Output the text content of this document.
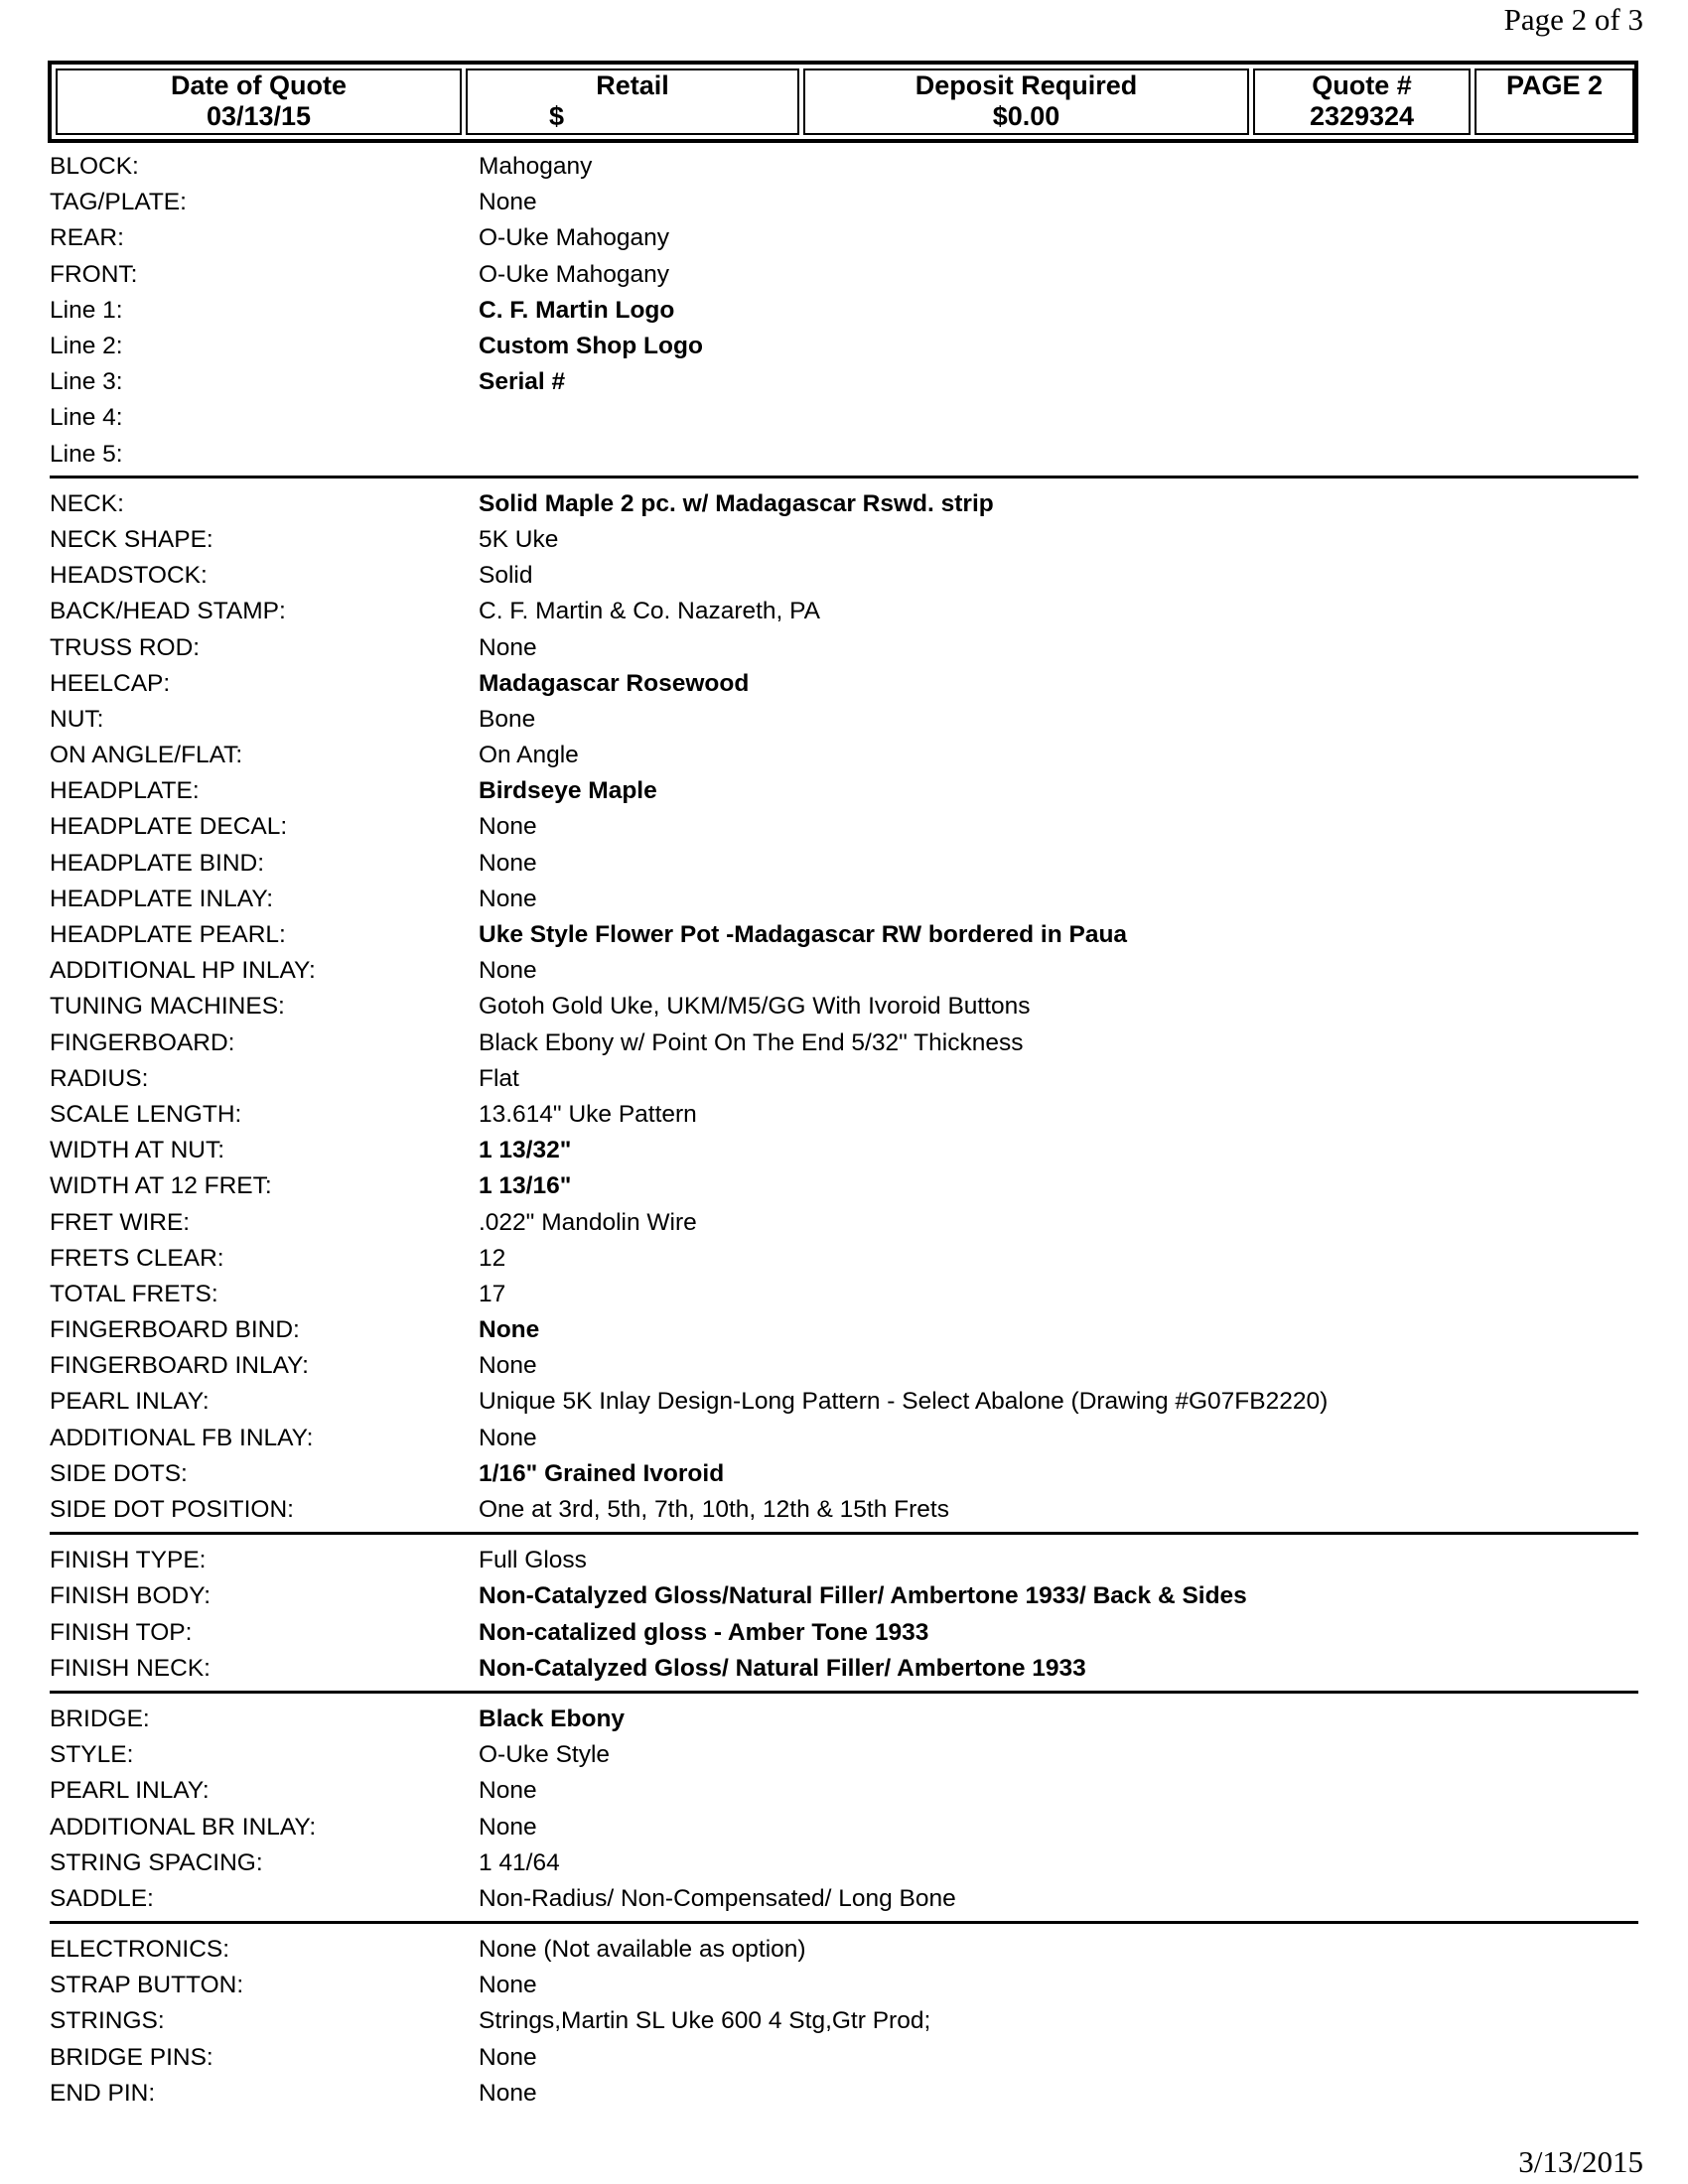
Page 2 of 3
Date of Quote
03/13/15
Retail
$
Deposit Required
$0.00
Quote #
2329324
PAGE 2
BLOCK:	Mahogany
TAG/PLATE:	None
REAR:	O-Uke Mahogany
FRONT:	O-Uke Mahogany
Line 1:	C. F. Martin Logo
Line 2:	Custom Shop Logo
Line 3:	Serial #
Line 4:
Line 5:
NECK:	Solid Maple 2 pc. w/ Madagascar Rswd. strip
NECK SHAPE:	5K Uke
HEADSTOCK:	Solid
BACK/HEAD STAMP:	C. F. Martin & Co. Nazareth, PA
TRUSS ROD:	None
HEELCAP:	Madagascar Rosewood
NUT:	Bone
ON ANGLE/FLAT:	On Angle
HEADPLATE:	Birdseye Maple
HEADPLATE DECAL:	None
HEADPLATE BIND:	None
HEADPLATE INLAY:	None
HEADPLATE PEARL:	Uke Style Flower Pot -Madagascar RW bordered in Paua
ADDITIONAL HP INLAY:	None
TUNING MACHINES:	Gotoh Gold Uke, UKM/M5/GG With Ivoroid Buttons
FINGERBOARD:	Black Ebony w/ Point On The End 5/32" Thickness
RADIUS:	Flat
SCALE LENGTH:	13.614" Uke Pattern
WIDTH AT NUT:	1 13/32"
WIDTH AT 12 FRET:	1 13/16"
FRET WIRE:	.022" Mandolin Wire
FRETS CLEAR:	12
TOTAL FRETS:	17
FINGERBOARD BIND:	None
FINGERBOARD INLAY:	None
PEARL INLAY:	Unique 5K Inlay Design-Long Pattern - Select Abalone (Drawing #G07FB2220)
ADDITIONAL FB INLAY:	None
SIDE DOTS:	1/16" Grained Ivoroid
SIDE DOT POSITION:	One at 3rd, 5th, 7th, 10th, 12th & 15th Frets
FINISH TYPE:	Full Gloss
FINISH BODY:	Non-Catalyzed Gloss/Natural Filler/ Ambertone 1933/ Back & Sides
FINISH TOP:	Non-catalized gloss - Amber Tone 1933
FINISH NECK:	Non-Catalyzed Gloss/ Natural Filler/ Ambertone 1933
BRIDGE:	Black Ebony
STYLE:	O-Uke Style
PEARL INLAY:	None
ADDITIONAL BR INLAY:	None
STRING SPACING:	1 41/64
SADDLE:	Non-Radius/ Non-Compensated/ Long Bone
ELECTRONICS:	None (Not available as option)
STRAP BUTTON:	None
STRINGS:	Strings,Martin SL Uke 600 4 Stg,Gtr Prod;
BRIDGE PINS:	None
END PIN:	None
3/13/2015
